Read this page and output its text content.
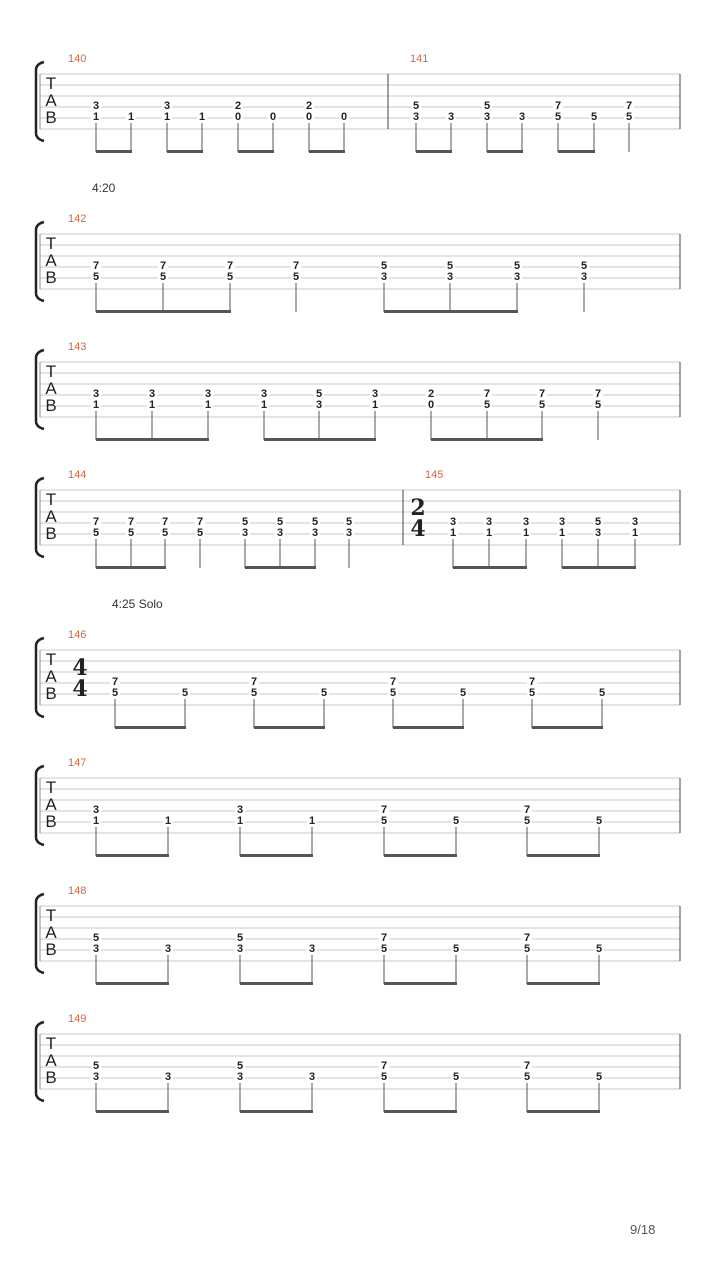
T
A
B
140
3
1	1
3
1	1
2
0	0
2
0	0
141
5
3	3
5
3	3
7
5	5
7
5
4:20
T
A
B
142
7
5
7
5
7
5
7
5
5
3
5
3
5
3
5
3
T
A
B
143
3
1
3
1
3
1
3
1
5
3
3
1
2
0
7
5
7
5
7
5
T
A
B
144
7
5
7
5
7
5
7
5
5
3
5
3
5
3
5
3
145
2
4 3
1
3
1
3
1
3
1
5
3
3
1
4:25 Solo
T
A
B
146
4
4 7
5	5
7
5	5
7
5	5
7
5	5
T
A
B
147
3
1	1
3
1	1
7
5	5
7
5	5
T
A
B
148
5
3	3
5
3	3
7
5	5
7
5	5
T
A
B
149
5
3	3
5
3	3
7
5	5
7
5	5
9/18
